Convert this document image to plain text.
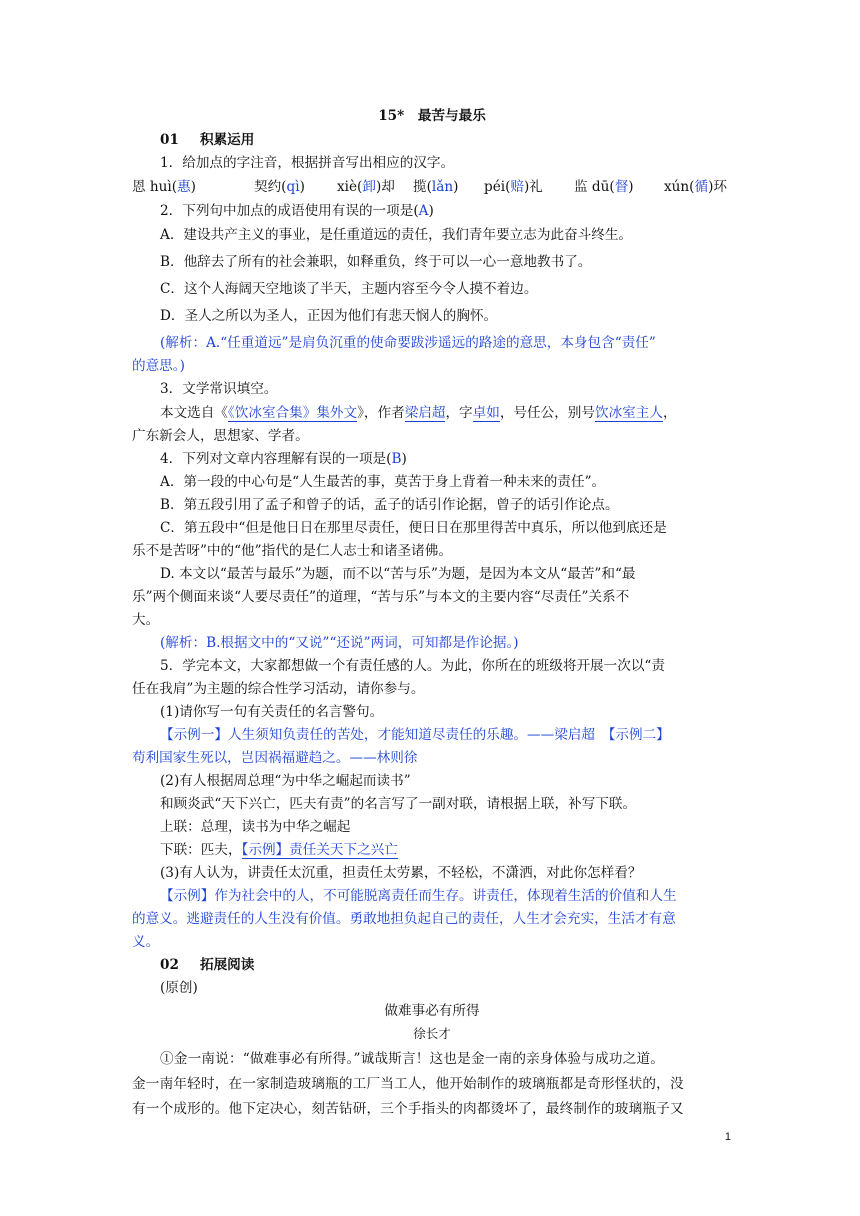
15*　最苦与最乐
01 积累运用
1．给加点的字注音，根据拼音写出相应的汉字。
恩 huì(惠)	契约(qì) xiè(卸)却 揽(lǎn) péi(赔)礼 监 dū(督) xún(循)环
2．下列句中加点的成语使用有误的一项是(A)
A．建设共产主义的事业，是任重道远的责任，我们青年要立志为此奋斗终生。
B．他辞去了所有的社会兼职，如释重负，终于可以一心一意地教书了。
C．这个人海阔天空地谈了半天，主题内容至今令人摸不着边。
D．圣人之所以为圣人，正因为他们有悲天悯人的胸怀。
(解析：A.“任重道远”是肩负沉重的使命要跋涉遥远的路途的意思，本身包含“责任”
的意思。)
3．文学常识填空。
本文选自《《饮冰室合集》集外文》，作者梁启超，字卓如，号任公，别号饮冰室主人，
广东新会人，思想家、学者。
4．下列对文章内容理解有误的一项是(B)
A．第一段的中心句是“人生最苦的事，莫苦于身上背着一种未来的责任”。
B．第五段引用了孟子和曾子的话，孟子的话引作论据，曾子的话引作论点。
C．第五段中“但是他日日在那里尽责任，便日日在那里得苦中真乐，所以他到底还是
乐不是苦呀”中的“他”指代的是仁人志士和诸圣诸佛。
D. 本文以“最苦与最乐”为题，而不以“苦与乐”为题，是因为本文从“最苦”和“最
乐”两个侧面来谈“人要尽责任”的道理，“苦与乐”与本文的主要内容“尽责任”关系不
大。
(解析：B.根据文中的“又说”“还说”两词，可知都是作论据。)
5．学完本文，大家都想做一个有责任感的人。为此，你所在的班级将开展一次以“责
任在我肩”为主题的综合性学习活动，请你参与。
(1)请你写一句有关责任的名言警句。
【示例一】人生须知负责任的苦处，才能知道尽责任的乐趣。——梁启超　【示例二】
苟利国家生死以，岂因祸福避趋之。——林则徐
(2)有人根据周总理“为中华之崛起而读书”
和顾炎武“天下兴亡，匹夫有责”的名言写了一副对联，请根据上联，补写下联。
上联：总理，读书为中华之崛起
下联：匹夫，【示例】责任关天下之兴亡
(3)有人认为，讲责任太沉重，担责任太劳累，不轻松，不潇洒，对此你怎样看？
【示例】作为社会中的人，不可能脱离责任而生存。讲责任，体现着生活的价值和人生
的意义。逃避责任的人生没有价值。勇敢地担负起自己的责任，人生才会充实，生活才有意
义。
02 拓展阅读
(原创)
做难事必有所得
徐长才
①金一南说：“做难事必有所得。”诚哉斯言！这也是金一南的亲身体验与成功之道。
金一南年轻时，在一家制造玻璃瓶的工厂当工人，他开始制作的玻璃瓶都是奇形怪状的，没
有一个成形的。他下定决心，刻苦钻研，三个手指头的肉都烫坏了，最终制作的玻璃瓶子又
1
